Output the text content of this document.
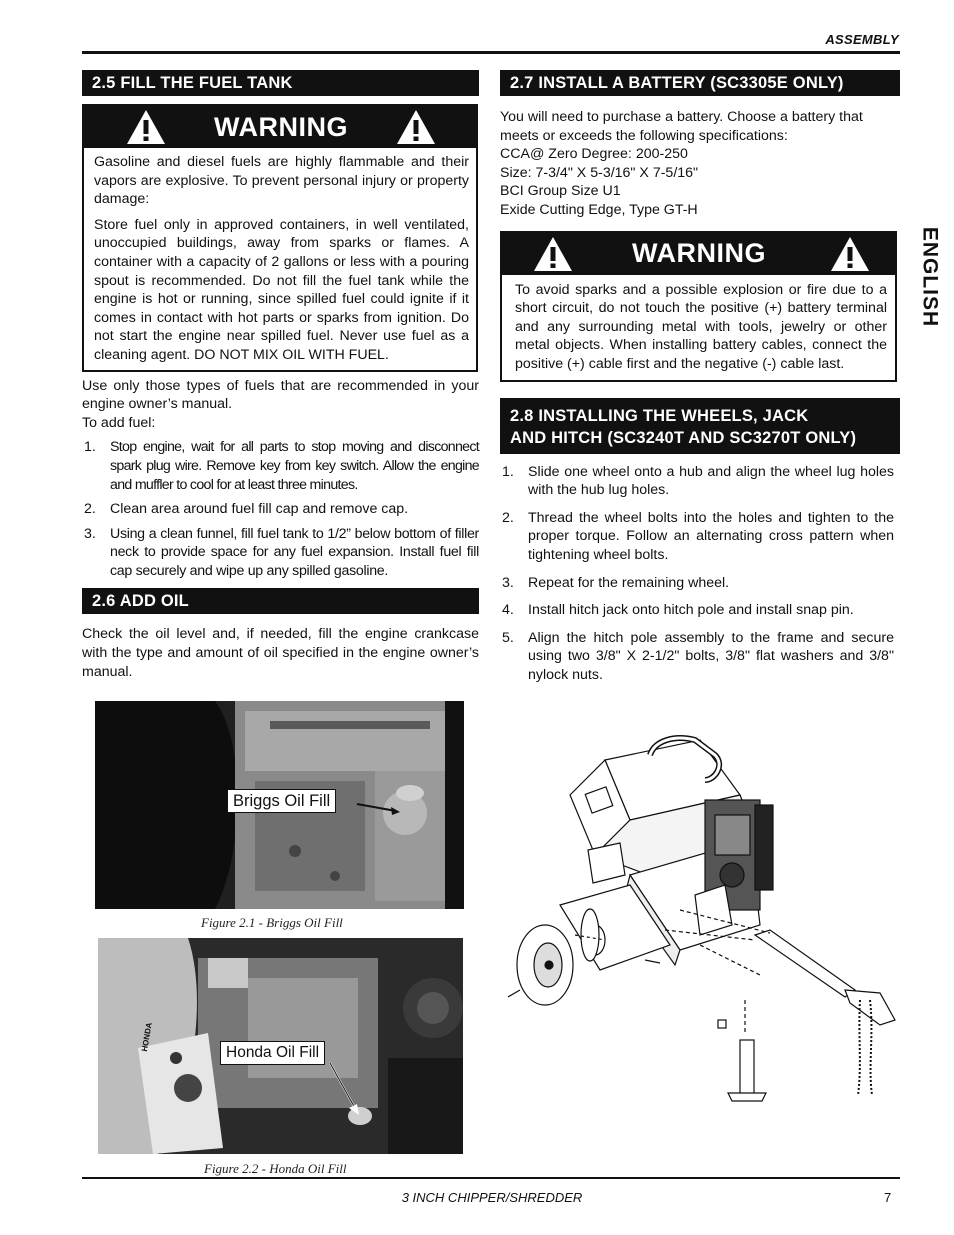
ASSEMBLY
ENGLISH
2.5 FILL THE FUEL TANK
WARNING

Gasoline and diesel fuels are highly flammable and their vapors are explosive. To prevent personal injury or property damage:

Store fuel only in approved containers, in well ventilated, unoccupied buildings, away from sparks or flames. A container with a capacity of 2 gallons or less with a pouring spout is recommended. Do not fill the fuel tank while the engine is hot or running, since spilled fuel could ignite if it comes in contact with hot parts or sparks from ignition. Do not start the engine near spilled fuel. Never use fuel as a cleaning agent. DO NOT MIX OIL WITH FUEL.

Use only those types of fuels that are recommended in your engine owner’s manual.

To add fuel:

1. Stop engine, wait for all parts to stop moving and disconnect spark plug wire. Remove key from key switch. Allow the engine and muffler to cool for at least three minutes.
2. Clean area around fuel fill cap and remove cap.
3. Using a clean funnel, fill fuel tank to 1/2” below bottom of filler neck to provide space for any fuel expansion. Install fuel fill cap securely and wipe up any spilled gasoline.
2.6 ADD OIL

Check the oil level and, if needed, fill the engine crankcase with the type and amount of oil specified in the engine owner’s manual.

Briggs Oil Fill
Figure 2.1 - Briggs Oil Fill
HONDA
Honda Oil Fill
Figure 2.2 - Honda Oil Fill
2.7 INSTALL A BATTERY (SC3305E ONLY)

You will need to purchase a battery. Choose a battery that meets or exceeds the following specifications:

CCA@ Zero Degree: 200-250

Size: 7-3/4" X 5-3/16" X 7-5/16"

BCI Group Size U1

Exide Cutting Edge, Type GT-H

WARNING

To avoid sparks and a possible explosion or fire due to a short circuit, do not touch the positive (+) battery terminal and any surrounding metal with tools, jewelry or other metal objects. When installing battery cables, connect the positive (+) cable first and the negative (-) cable last.

2.8 INSTALLING THE WHEELS, JACK
AND HITCH (SC3240T AND SC3270T ONLY)
1. Slide one wheel onto a hub and align the wheel lug holes with the hub lug holes.
2. Thread the wheel bolts into the holes and tighten to the proper torque. Follow an alternating cross pattern when tightening wheel bolts.
3. Repeat for the remaining wheel.
4. Install hitch jack onto hitch pole and install snap pin.
5. Align the hitch pole assembly to the frame and secure using two 3/8" X 2-1/2" bolts, 3/8" flat washers and 3/8" nylock nuts.
3 INCH CHIPPER/SHREDDER	7
